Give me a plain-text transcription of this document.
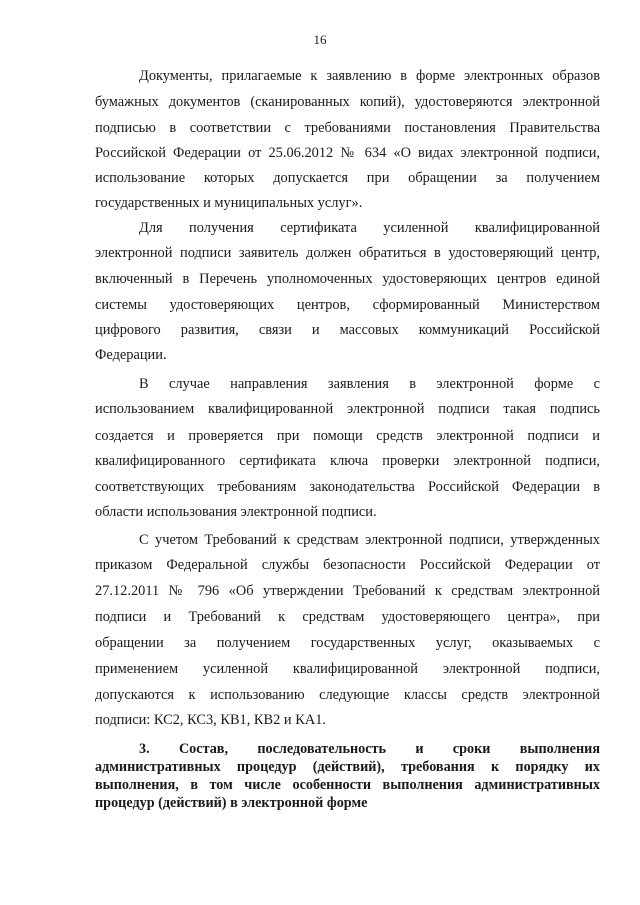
16
Документы, прилагаемые к заявлению в форме электронных образов
бумажных документов (сканированных копий), удостоверяются электронной
подписью в соответствии с требованиями постановления Правительства
Российской Федерации от 25.06.2012 № 634 «О видах электронной подписи,
использование которых допускается при обращении за получением
государственных и муниципальных услуг».
Для получения сертификата усиленной квалифицированной
электронной подписи заявитель должен обратиться в удостоверяющий центр,
включенный в Перечень уполномоченных удостоверяющих центров единой
системы удостоверяющих центров, сформированный Министерством
цифрового развития, связи и массовых коммуникаций Российской
Федерации.
В случае направления заявления в электронной форме с
использованием квалифицированной электронной подписи такая подпись
создается и проверяется при помощи средств электронной подписи и
квалифицированного сертификата ключа проверки электронной подписи,
соответствующих требованиям законодательства Российской Федерации в
области использования электронной подписи.
С учетом Требований к средствам электронной подписи, утвержденных
приказом Федеральной службы безопасности Российской Федерации от
27.12.2011 № 796 «Об утверждении Требований к средствам электронной
подписи и Требований к средствам удостоверяющего центра», при
обращении за получением государственных услуг, оказываемых с
применением усиленной квалифицированной электронной подписи,
допускаются к использованию следующие классы средств электронной
подписи: КС2, КС3, КВ1, КВ2 и КА1.
3. Состав, последовательность и сроки выполнения
административных процедур (действий), требования к порядку их
выполнения, в том числе особенности выполнения административных
процедур (действий) в электронной форме
